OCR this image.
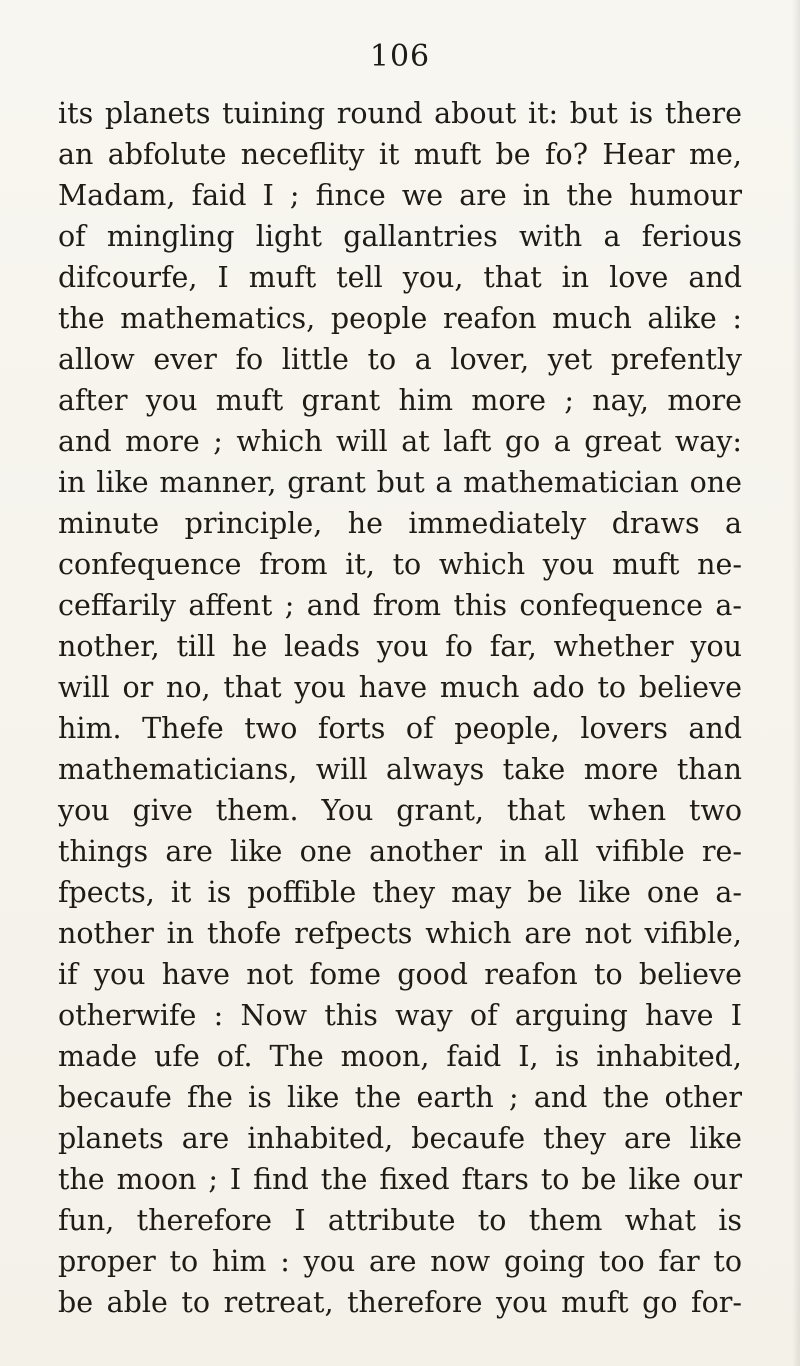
106
its planets tuining round about it: but is there
an abfolute neceflity it muft be fo? Hear me,
Madam, faid I ; fince we are in the humour
of mingling light gallantries with a ferious
difcourfe, I muft tell you, that in love and
the mathematics, people reafon much alike :
allow ever fo little to a lover, yet prefently
after you muft grant him more ; nay, more
and more ; which will at laft go a great way:
in like manner, grant but a mathematician one
minute principle, he immediately draws a
confequence from it, to which you muft ne-
ceffarily affent ; and from this confequence a-
nother, till he leads you fo far, whether you
will or no, that you have much ado to believe
him. Thefe two forts of people, lovers and
mathematicians, will always take more than
you give them. You grant, that when two
things are like one another in all vifible re-
fpects, it is poffible they may be like one a-
nother in thofe refpects which are not vifible,
if you have not fome good reafon to believe
otherwife : Now this way of arguing have I
made ufe of. The moon, faid I, is inhabited,
becaufe fhe is like the earth ; and the other
planets are inhabited, becaufe they are like
the moon ; I find the fixed ftars to be like our
fun, therefore I attribute to them what is
proper to him : you are now going too far to
be able to retreat, therefore you muft go for-
